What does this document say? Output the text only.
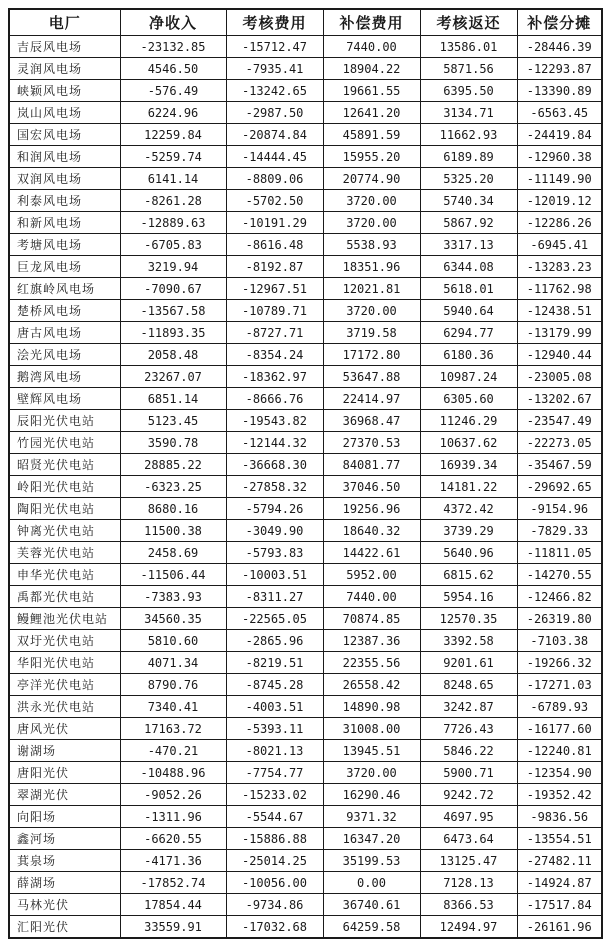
电厂	净收入	考核费用	补偿费用	考核返还	补偿分摊
吉辰风电场	-23132.85	-15712.47	7440.00	13586.01	-28446.39
灵润风电场	4546.50	-7935.41	18904.22	5871.56	-12293.87
峡颖风电场	-576.49	-13242.65	19661.55	6395.50	-13390.89
岚山风电场	6224.96	-2987.50	12641.20	3134.71	-6563.45
国宏风电场	12259.84	-20874.84	45891.59	11662.93	-24419.84
和润风电场	-5259.74	-14444.45	15955.20	6189.89	-12960.38
双润风电场	6141.14	-8809.06	20774.90	5325.20	-11149.90
利泰风电场	-8261.28	-5702.50	3720.00	5740.34	-12019.12
和新风电场	-12889.63	-10191.29	3720.00	5867.92	-12286.26
考塘风电场	-6705.83	-8616.48	5538.93	3317.13	-6945.41
巨龙风电场	3219.94	-8192.87	18351.96	6344.08	-13283.23
红旗岭风电场	-7090.67	-12967.51	12021.81	5618.01	-11762.98
楚桥风电场	-13567.58	-10789.71	3720.00	5940.64	-12438.51
唐古风电场	-11893.35	-8727.71	3719.58	6294.77	-13179.99
浍光风电场	2058.48	-8354.24	17172.80	6180.36	-12940.44
鹅湾风电场	23267.07	-18362.97	53647.88	10987.24	-23005.08
壁辉风电场	6851.14	-8666.76	22414.97	6305.60	-13202.67
辰阳光伏电站	5123.45	-19543.82	36968.47	11246.29	-23547.49
竹园光伏电站	3590.78	-12144.32	27370.53	10637.62	-22273.05
昭贤光伏电站	28885.22	-36668.30	84081.77	16939.34	-35467.59
岭阳光伏电站	-6323.25	-27858.32	37046.50	14181.22	-29692.65
陶阳光伏电站	8680.16	-5794.26	19256.96	4372.42	-9154.96
钟离光伏电站	11500.38	-3049.90	18640.32	3739.29	-7829.33
芙蓉光伏电站	2458.69	-5793.83	14422.61	5640.96	-11811.05
申华光伏电站	-11506.44	-10003.51	5952.00	6815.62	-14270.55
禹都光伏电站	-7383.93	-8311.27	7440.00	5954.16	-12466.82
鳗鲤池光伏电站	34560.35	-22565.05	70874.85	12570.35	-26319.80
双圩光伏电站	5810.60	-2865.96	12387.36	3392.58	-7103.38
华阳光伏电站	4071.34	-8219.51	22355.56	9201.61	-19266.32
亭洋光伏电站	8790.76	-8745.28	26558.42	8248.65	-17271.03
洪永光伏电站	7340.41	-4003.51	14890.98	3242.87	-6789.93
唐风光伏	17163.72	-5393.11	31008.00	7726.43	-16177.60
谢湖场	-470.21	-8021.13	13945.51	5846.22	-12240.81
唐阳光伏	-10488.96	-7754.77	3720.00	5900.71	-12354.90
翠湖光伏	-9052.26	-15233.02	16290.46	9242.72	-19352.42
向阳场	-1311.96	-5544.67	9371.32	4697.95	-9836.56
鑫河场	-6620.55	-15886.88	16347.20	6473.64	-13554.51
萁泉场	-4171.36	-25014.25	35199.53	13125.47	-27482.11
薛湖场	-17852.74	-10056.00	0.00	7128.13	-14924.87
马林光伏	17854.44	-9734.86	36740.61	8366.53	-17517.84
汇阳光伏	33559.91	-17032.68	64259.58	12494.97	-26161.96
